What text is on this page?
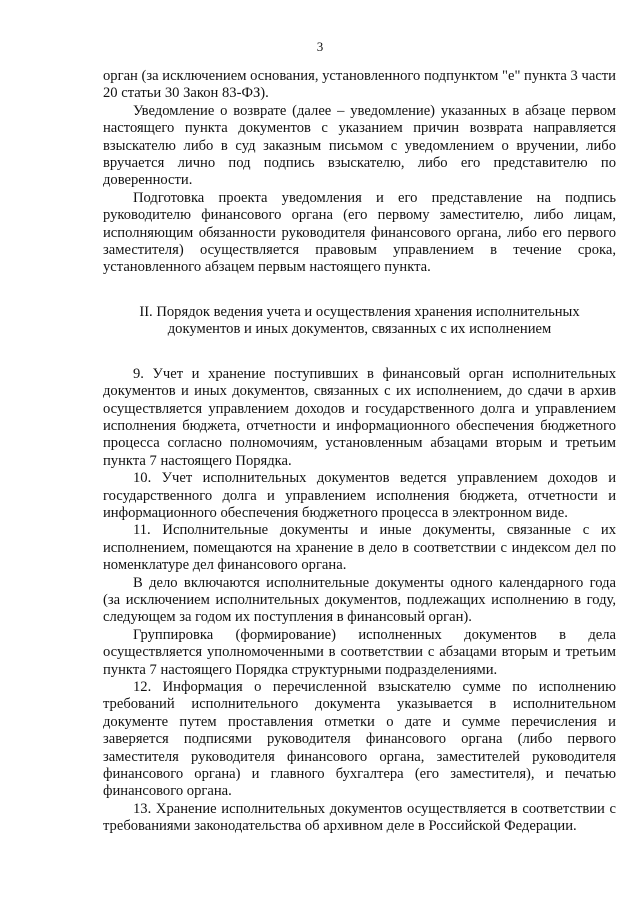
3

орган (за исключением основания, установленного подпунктом "е" пункта 3 части 20 статьи 30 Закон 83-ФЗ).

Уведомление о возврате (далее – уведомление) указанных в абзаце первом настоящего пункта документов с указанием причин возврата направляется взыскателю либо в суд заказным письмом с уведомлением о вручении, либо вручается лично под подпись взыскателю, либо его представителю по доверенности.

Подготовка проекта уведомления и его представление на подпись руководителю финансового органа (его первому заместителю, либо лицам, исполняющим обязанности руководителя финансового органа, либо его первого заместителя) осуществляется правовым управлением в течение срока, установленного абзацем первым настоящего пункта.

II. Порядок ведения учета и осуществления хранения исполнительных документов и иных документов, связанных с их исполнением

9. Учет и хранение поступивших в финансовый орган исполнительных документов и иных документов, связанных с их исполнением, до сдачи в архив осуществляется управлением доходов и государственного долга и управлением исполнения бюджета, отчетности и информационного обеспечения бюджетного процесса согласно полномочиям, установленным абзацами вторым и третьим пункта 7 настоящего Порядка.

10. Учет исполнительных документов ведется управлением доходов и государственного долга и управлением исполнения бюджета, отчетности и информационного обеспечения бюджетного процесса в электронном виде.

11. Исполнительные документы и иные документы, связанные с их исполнением, помещаются на хранение в дело в соответствии с индексом дел по номенклатуре дел финансового органа.

В дело включаются исполнительные документы одного календарного года (за исключением исполнительных документов, подлежащих исполнению в году, следующем за годом их поступления в финансовый орган).

Группировка (формирование) исполненных документов в дела осуществляется уполномоченными в соответствии с абзацами вторым и третьим пункта 7 настоящего Порядка структурными подразделениями.

12. Информация о перечисленной взыскателю сумме по исполнению требований исполнительного документа указывается в исполнительном документе путем проставления отметки о дате и сумме перечисления и заверяется подписями руководителя финансового органа (либо первого заместителя руководителя финансового органа, заместителей руководителя финансового органа) и главного бухгалтера (его заместителя), и печатью финансового органа.

13. Хранение исполнительных документов осуществляется в соответствии с требованиями законодательства об архивном деле в Российской Федерации.
